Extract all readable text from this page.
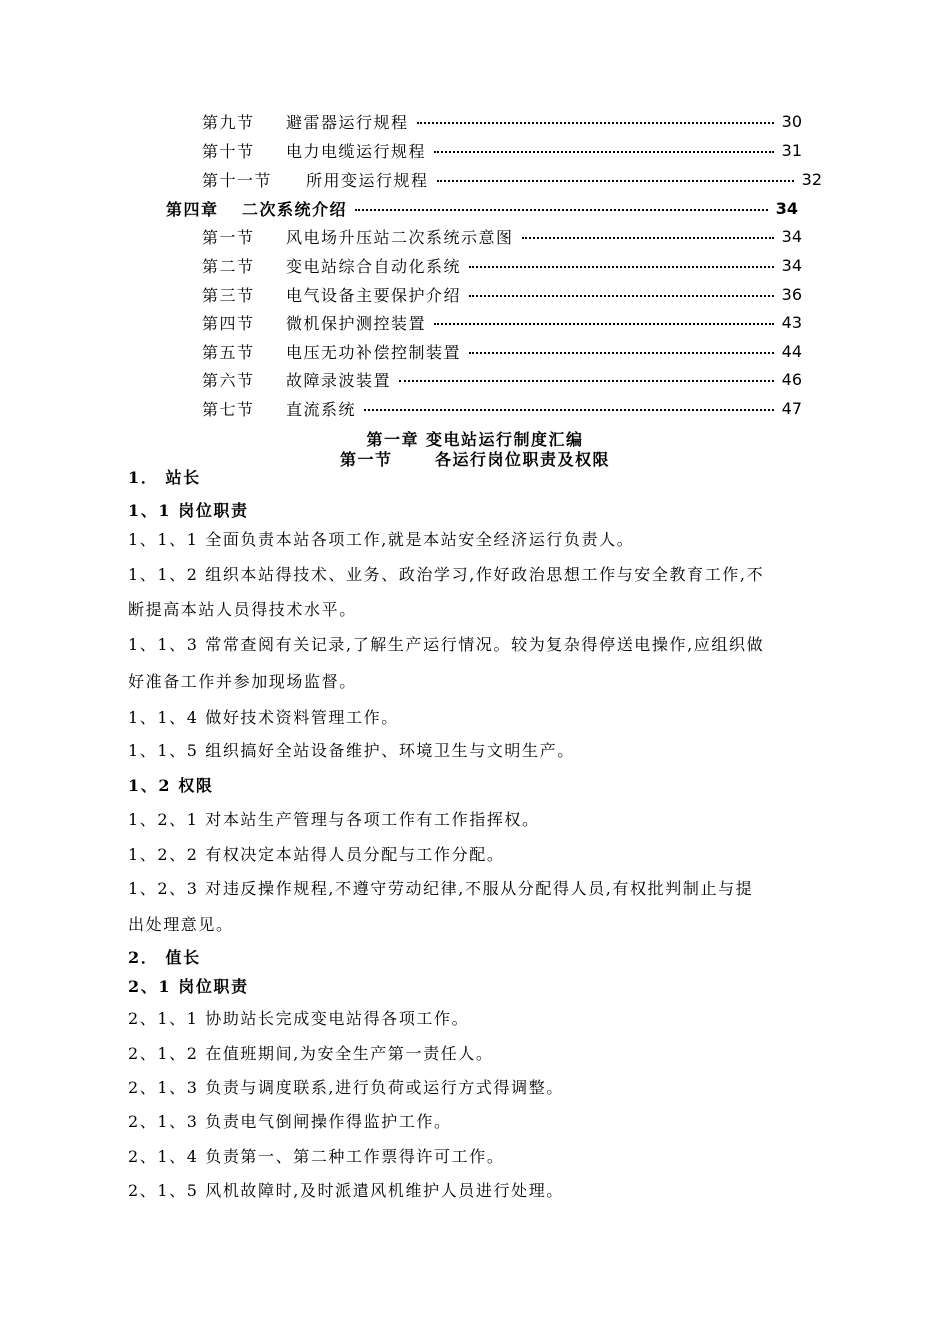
第九节	避雷器运行规程	30
第十节	电力电缆运行规程	31
第十一节	所用变运行规程	32
第四章	二次系统介绍	34
第一节	风电场升压站二次系统示意图	34
第二节	变电站综合自动化系统	34
第三节	电气设备主要保护介绍	36
第四节	微机保护测控装置	43
第五节	电压无功补偿控制装置	44
第六节	故障录波装置	46
第七节	直流系统	47
第一章 变电站运行制度汇编
第一节      各运行岗位职责及权限
1． 站长
1、1 岗位职责
1、1、1 全面负责本站各项工作,就是本站安全经济运行负责人。
1、1、2 组织本站得技术、业务、政治学习,作好政治思想工作与安全教育工作,不
断提高本站人员得技术水平。
1、1、3 常常查阅有关记录,了解生产运行情况。较为复杂得停送电操作,应组织做
好准备工作并参加现场监督。
1、1、4 做好技术资料管理工作。
1、1、5 组织搞好全站设备维护、环境卫生与文明生产。
1、2 权限
1、2、1 对本站生产管理与各项工作有工作指挥权。
1、2、2 有权决定本站得人员分配与工作分配。
1、2、3 对违反操作规程,不遵守劳动纪律,不服从分配得人员,有权批判制止与提
出处理意见。
2． 值长
2、1 岗位职责
2、1、1 协助站长完成变电站得各项工作。
2、1、2 在值班期间,为安全生产第一责任人。
2、1、3 负责与调度联系,进行负荷或运行方式得调整。
2、1、3 负责电气倒闸操作得监护工作。
2、1、4 负责第一、第二种工作票得许可工作。
2、1、5 风机故障时,及时派遣风机维护人员进行处理。
